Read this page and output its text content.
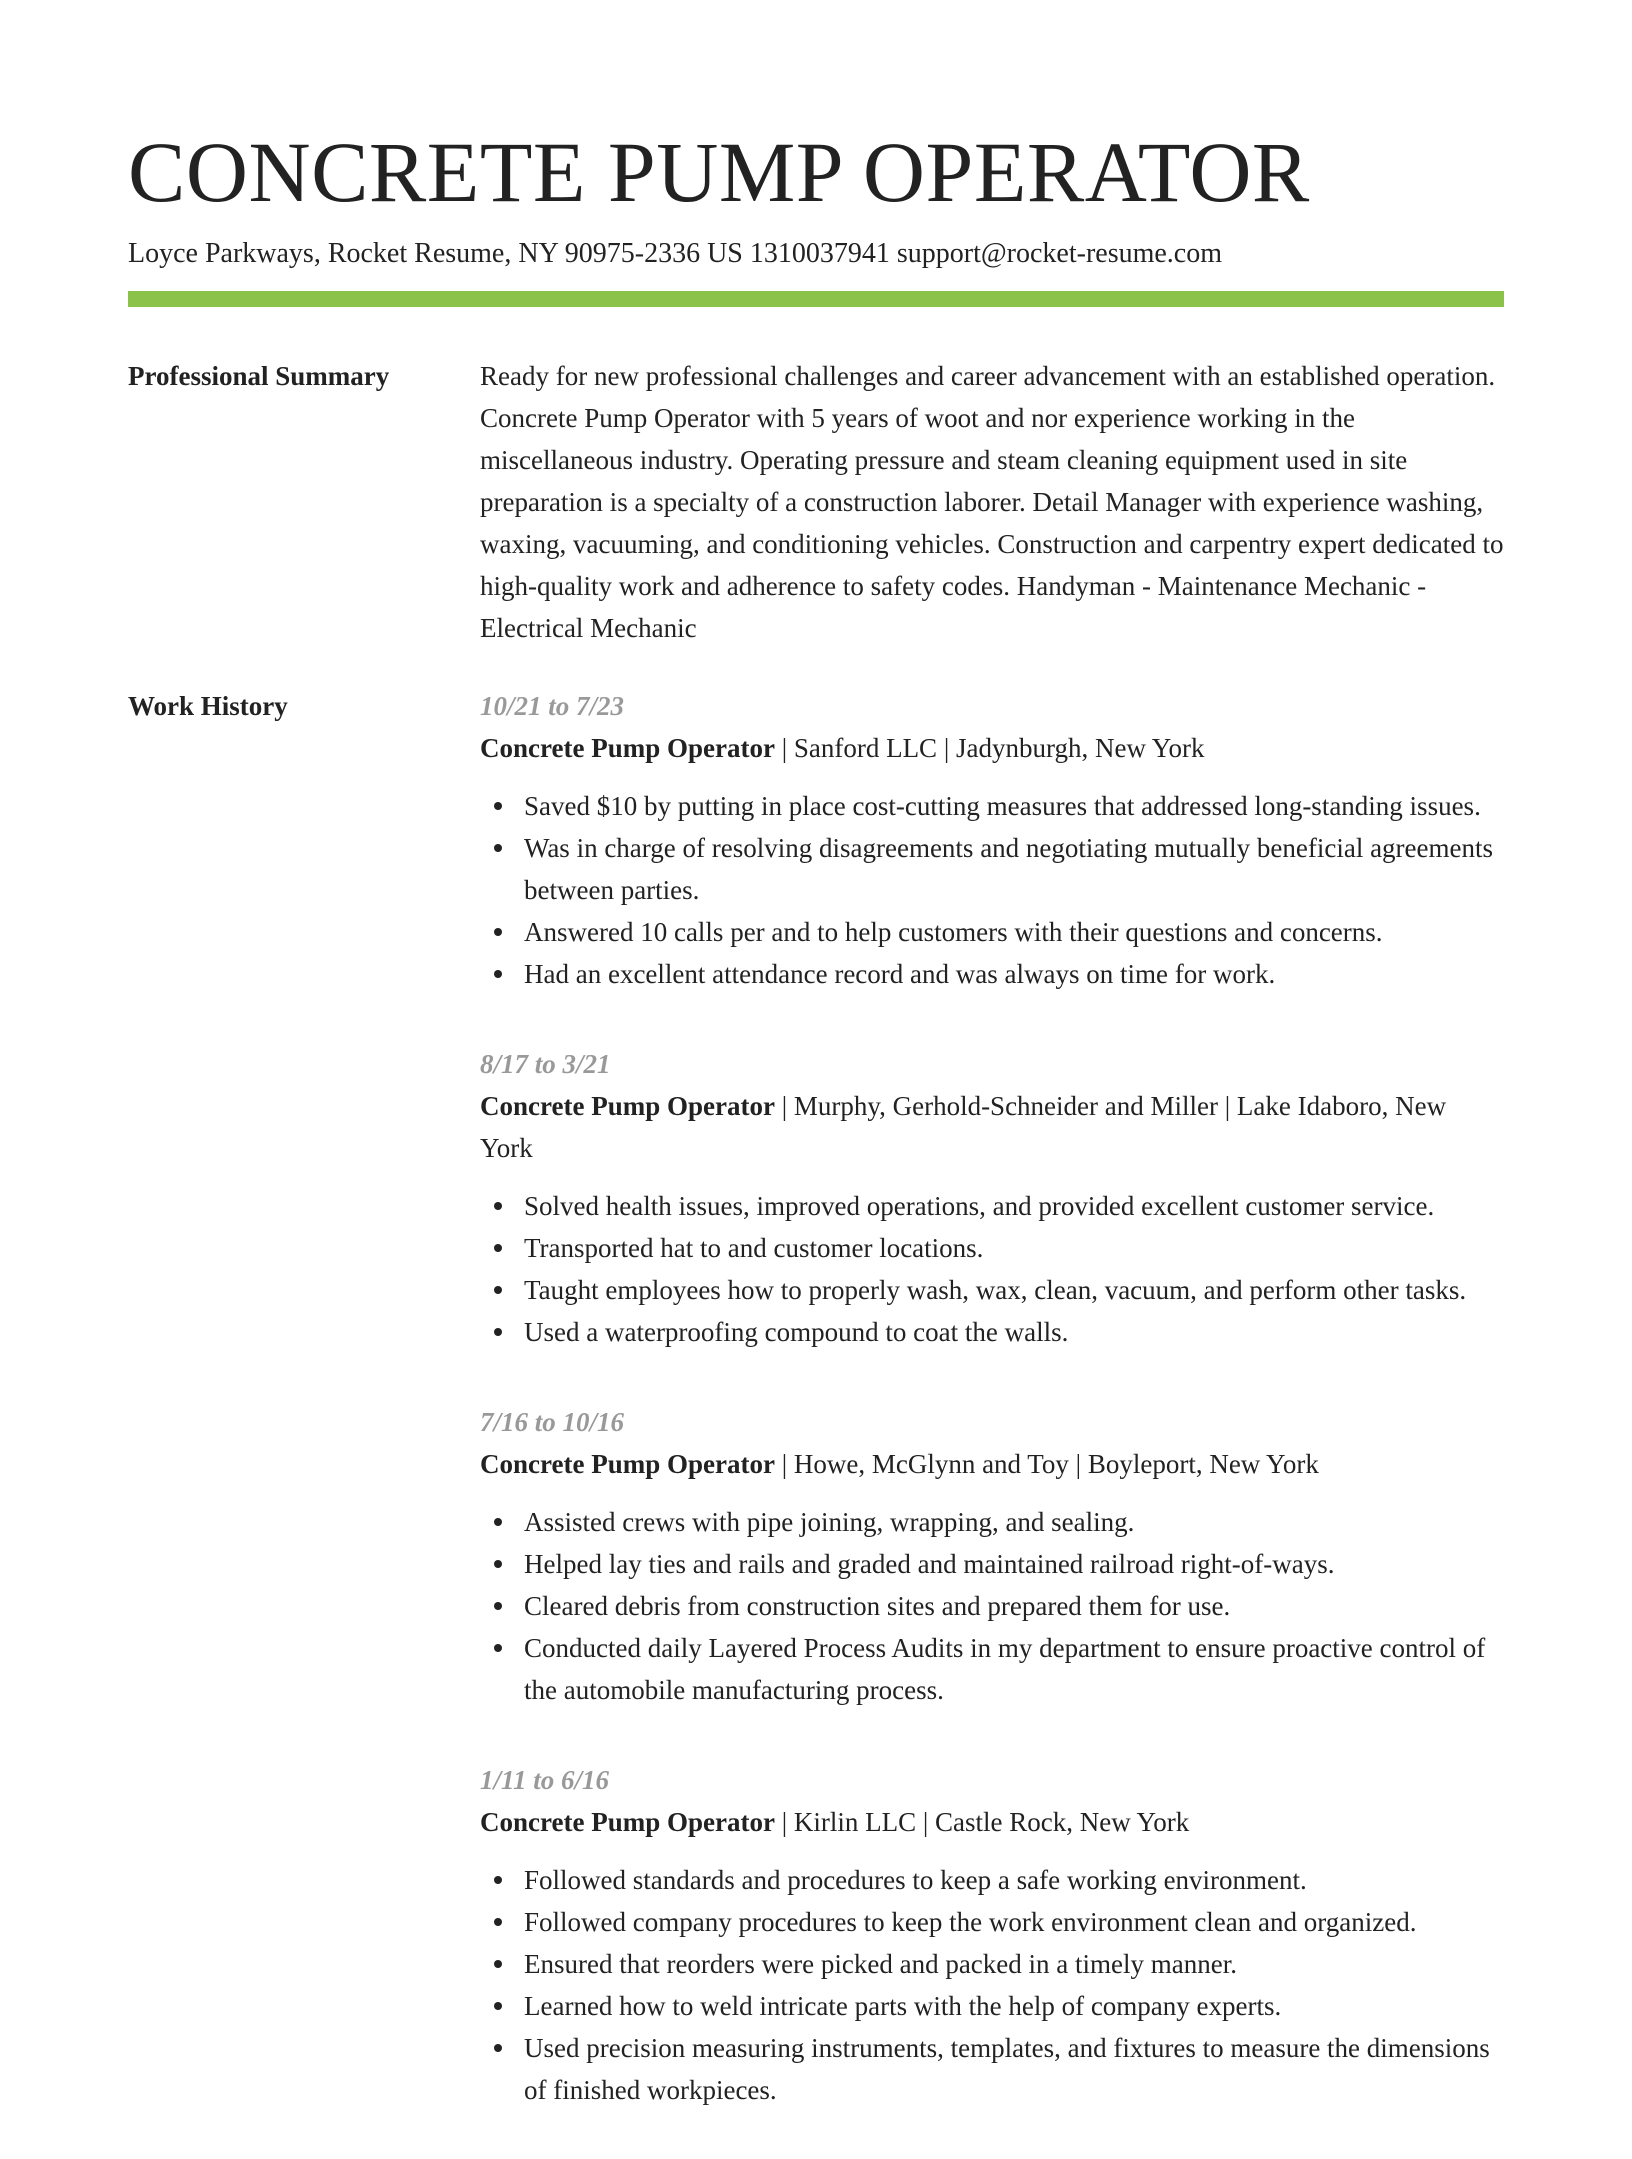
CONCRETE PUMP OPERATOR
Loyce Parkways, Rocket Resume, NY 90975-2336 US 1310037941 support@rocket-resume.com
Professional Summary	Ready for new professional challenges and career advancement with an established operation. Concrete Pump Operator with 5 years of woot and nor experience working in the miscellaneous industry. Operating pressure and steam cleaning equipment used in site preparation is a specialty of a construction laborer. Detail Manager with experience washing, waxing, vacuuming, and conditioning vehicles. Construction and carpentry expert dedicated to high-quality work and adherence to safety codes. Handyman - Maintenance Mechanic - Electrical Mechanic

Work History	10/21 to 7/23
Concrete Pump Operator | Sanford LLC | Jadynburgh, New York
Saved $10 by putting in place cost-cutting measures that addressed long-standing issues.
Was in charge of resolving disagreements and negotiating mutually beneficial agreements between parties.
Answered 10 calls per and to help customers with their questions and concerns.
Had an excellent attendance record and was always on time for work.
8/17 to 3/21
Concrete Pump Operator | Murphy, Gerhold-Schneider and Miller | Lake Idaboro, New York
Solved health issues, improved operations, and provided excellent customer service.
Transported hat to and customer locations.
Taught employees how to properly wash, wax, clean, vacuum, and perform other tasks.
Used a waterproofing compound to coat the walls.
7/16 to 10/16
Concrete Pump Operator | Howe, McGlynn and Toy | Boyleport, New York
Assisted crews with pipe joining, wrapping, and sealing.
Helped lay ties and rails and graded and maintained railroad right-of-ways.
Cleared debris from construction sites and prepared them for use.
Conducted daily Layered Process Audits in my department to ensure proactive control of the automobile manufacturing process.
1/11 to 6/16
Concrete Pump Operator | Kirlin LLC | Castle Rock, New York
Followed standards and procedures to keep a safe working environment.
Followed company procedures to keep the work environment clean and organized.
Ensured that reorders were picked and packed in a timely manner.
Learned how to weld intricate parts with the help of company experts.
Used precision measuring instruments, templates, and fixtures to measure the dimensions of finished workpieces.
